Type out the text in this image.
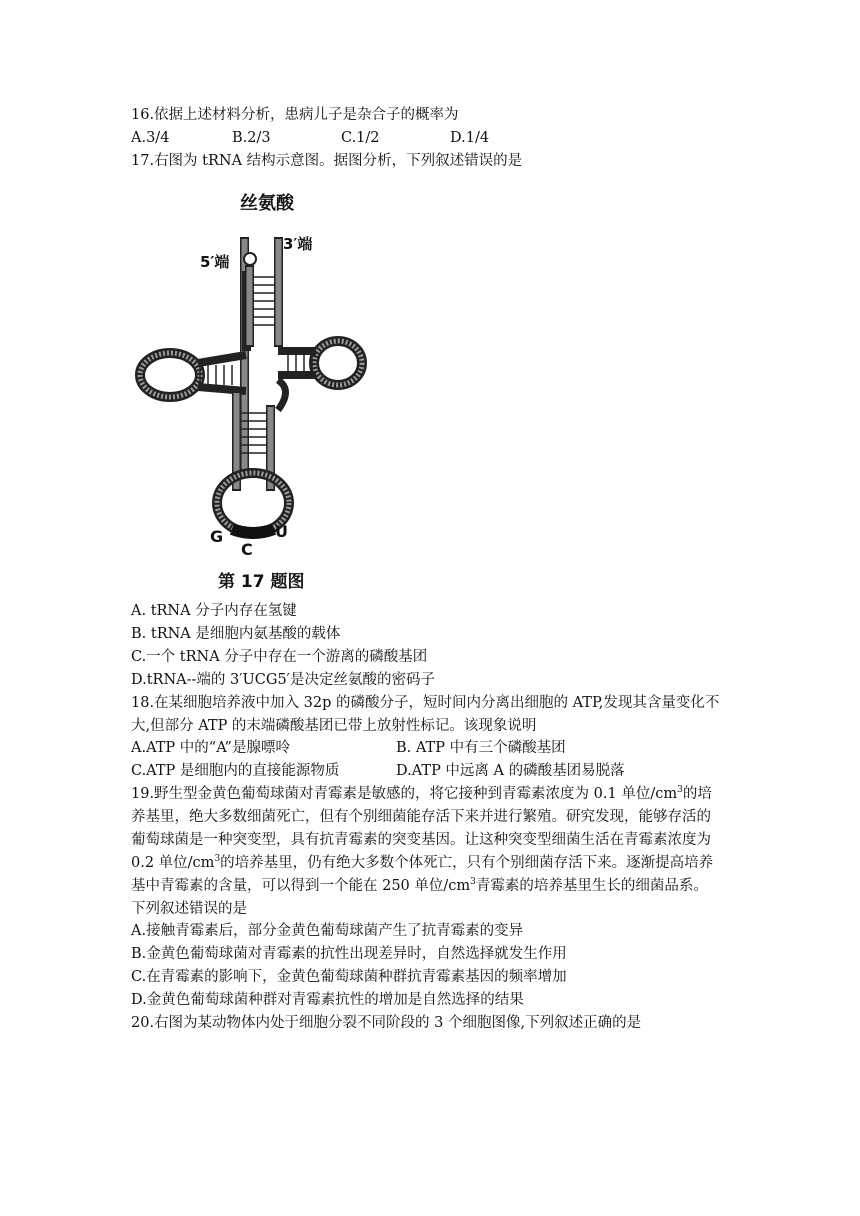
16.依据上述材料分析，患病儿子是杂合子的概率为
A.3/4	B.2/3	C.1/2	D.1/4
17.右图为 tRNA 结构示意图。据图分析，下列叙述错误的是
丝氨酸
5′端
3′端
G
C
U
第 17 题图
A. tRNA 分子内存在氢键
B. tRNA 是细胞内氨基酸的载体
C.一个 tRNA 分子中存在一个游离的磷酸基团
D.tRNA--端的 3′UCG5′是决定丝氨酸的密码子
18.在某细胞培养液中加入 32p 的磷酸分子，短时间内分离出细胞的 ATP,发现其含量变化不
大,但部分 ATP 的末端磷酸基团已带上放射性标记。该现象说明
A.ATP 中的“A”是腺嘌呤	B. ATP 中有三个磷酸基团
C.ATP 是细胞内的直接能源物质	D.ATP 中远离 A 的磷酸基团易脱落
19.野生型金黄色葡萄球菌对青霉素是敏感的，将它接种到青霉素浓度为 0.1 单位$/cm^3$的培
养基里，绝大多数细菌死亡，但有个别细菌能存活下来并进行繁殖。研究发现，能够存活的
葡萄球菌是一种突变型，具有抗青霉素的突变基因。让这种突变型细菌生活在青霉素浓度为
0.2 单位$/cm^3$的培养基里，仍有绝大多数个体死亡，只有个别细菌存活下来。逐渐提高培养
基中青霉素的含量，可以得到一个能在 250 单位$/cm^3$青霉素的培养基里生长的细菌品系。
下列叙述错误的是
A.接触青霉素后，部分金黄色葡萄球菌产生了抗青霉素的变异
B.金黄色葡萄球菌对青霉素的抗性出现差异时，自然选择就发生作用
C.在青霉素的影响下，金黄色葡萄球菌种群抗青霉素基因的频率增加
D.金黄色葡萄球菌种群对青霉素抗性的增加是自然选择的结果
20.右图为某动物体内处于细胞分裂不同阶段的 3 个细胞图像,下列叙述正确的是
